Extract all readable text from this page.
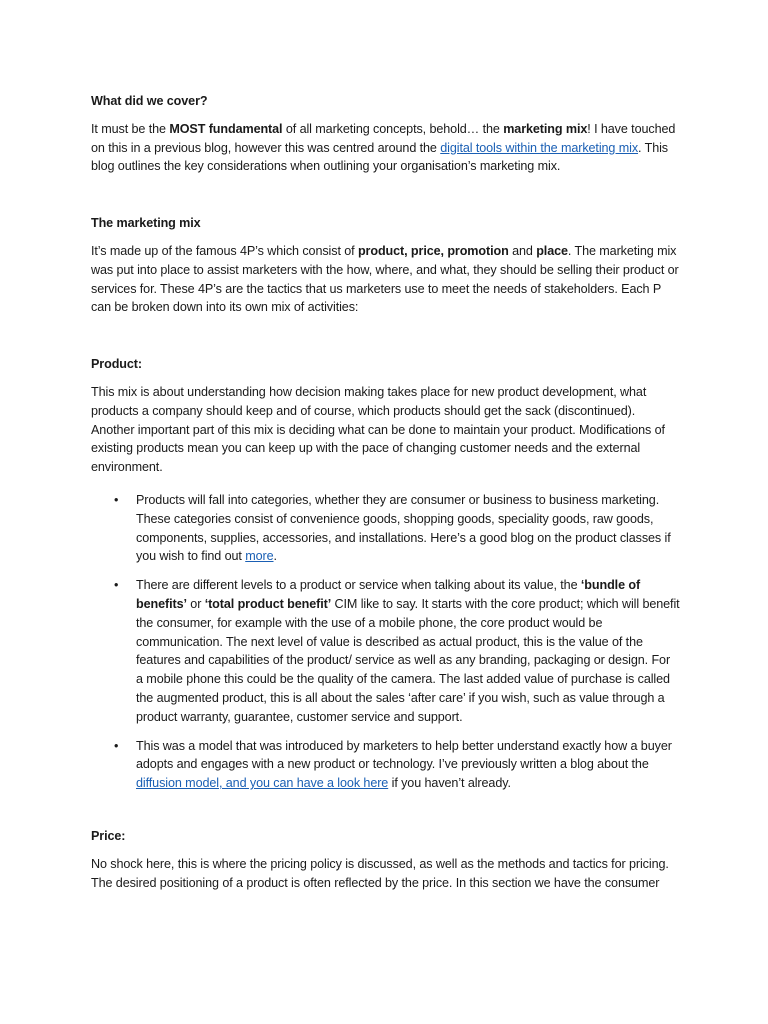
What did we cover?

It must be the MOST fundamental of all marketing concepts, behold… the marketing mix! I have touched on this in a previous blog, however this was centred around the digital tools within the marketing mix. This blog outlines the key considerations when outlining your organisation’s marketing mix.

The marketing mix

It’s made up of the famous 4P’s which consist of product, price, promotion and place. The marketing mix was put into place to assist marketers with the how, where, and what, they should be selling their product or services for. These 4P’s are the tactics that us marketers use to meet the needs of stakeholders. Each P can be broken down into its own mix of activities:

Product:

This mix is about understanding how decision making takes place for new product development, what products a company should keep and of course, which products should get the sack (discontinued). Another important part of this mix is deciding what can be done to maintain your product. Modifications of existing products mean you can keep up with the pace of changing customer needs and the external environment.

• Products will fall into categories, whether they are consumer or business to business marketing. These categories consist of convenience goods, shopping goods, speciality goods, raw goods, components, supplies, accessories, and installations. Here’s a good blog on the product classes if you wish to find out more.
• There are different levels to a product or service when talking about its value, the ‘bundle of benefits’ or ‘total product benefit’ CIM like to say. It starts with the core product; which will benefit the consumer, for example with the use of a mobile phone, the core product would be communication. The next level of value is described as actual product, this is the value of the features and capabilities of the product/ service as well as any branding, packaging or design. For a mobile phone this could be the quality of the camera. The last added value of purchase is called the augmented product, this is all about the sales ‘after care’ if you wish, such as value through a product warranty, guarantee, customer service and support.
• This was a model that was introduced by marketers to help better understand exactly how a buyer adopts and engages with a new product or technology. I’ve previously written a blog about the diffusion model, and you can have a look here if you haven’t already.
Price:

No shock here, this is where the pricing policy is discussed, as well as the methods and tactics for pricing. The desired positioning of a product is often reflected by the price. In this section we have the consumer
